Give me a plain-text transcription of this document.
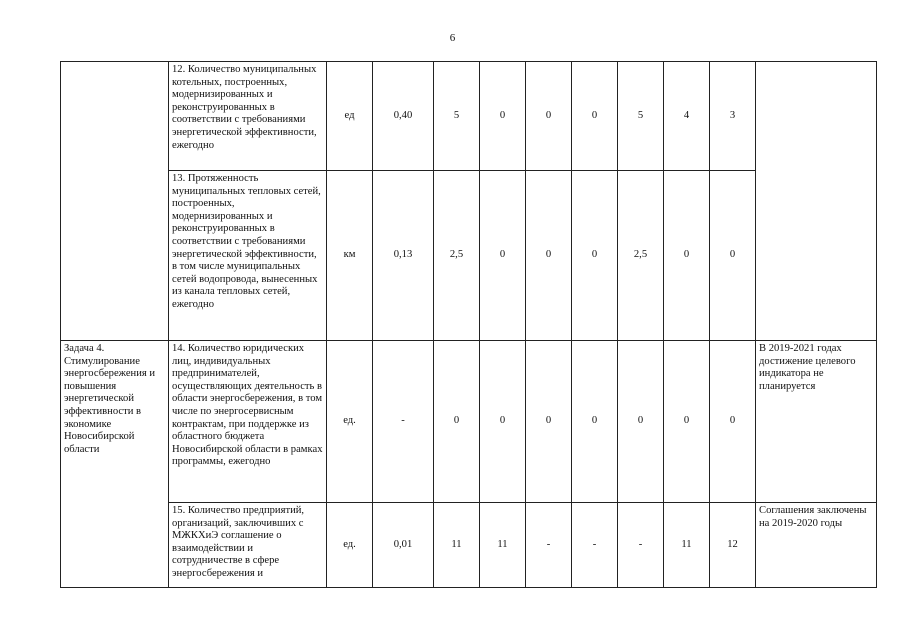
6
	12. Количество муниципальных котельных, построенных, модернизированных и реконструированных в соответствии с требованиями энергетической эффективности, ежегодно	ед	0,40	5	0	0	0	5	4	3	
	13. Протяженность муниципальных тепловых сетей, построенных, модернизированных и реконструированных в соответствии с требованиями энергетической эффективности, в том числе муниципальных сетей водопровода, вынесенных из канала тепловых сетей, ежегодно	км	0,13	2,5	0	0	0	2,5	0	0	
Задача 4. Стимулирование энергосбережения и повышения энергетической эффективности в экономике Новосибирской области	14. Количество юридических лиц, индивидуальных предпринимателей, осуществляющих деятельность в области энергосбережения, в том числе по энергосервисным контрактам, при поддержке из областного бюджета Новосибирской области в рамках программы, ежегодно	ед.	-	0	0	0	0	0	0	0	В 2019-2021 годах достижение целевого индикатора не планируется
	15. Количество предприятий, организаций, заключивших с МЖКХиЭ соглашение о взаимодействии и сотрудничестве в сфере энергосбережения и	ед.	0,01	11	11	-	-	-	11	12	Соглашения заключены на 2019-2020 годы
